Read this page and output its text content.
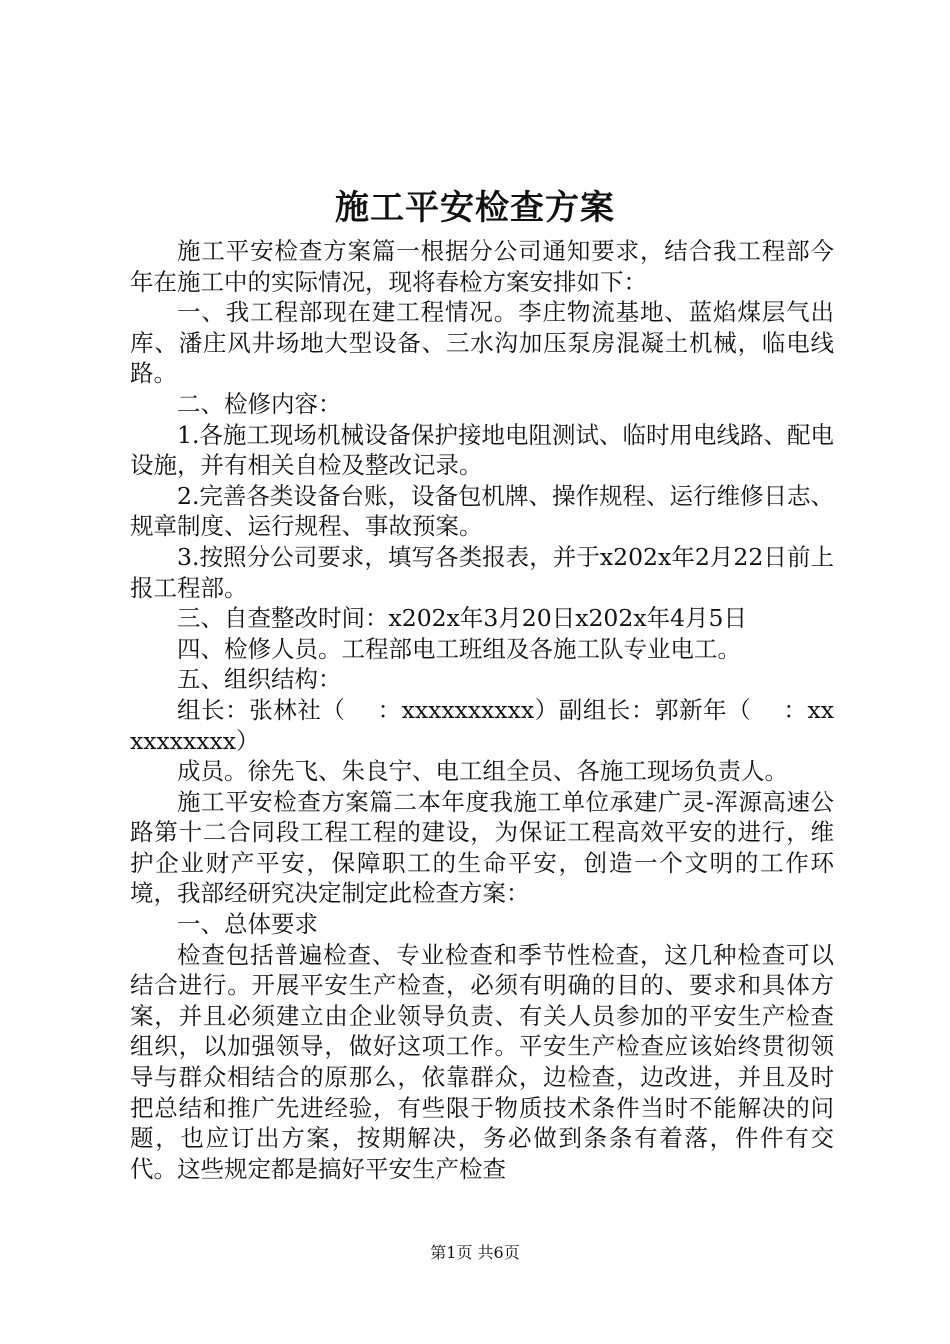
施工平安检查方案

施工平安检查方案篇一根据分公司通知要求，结合我工程部今年在施工中的实际情况，现将春检方案安排如下：

一、我工程部现在建工程情况。李庄物流基地、蓝焰煤层气出库、潘庄风井场地大型设备、三水沟加压泵房混凝土机械，临电线路。

二、检修内容：

1.各施工现场机械设备保护接地电阻测试、临时用电线路、配电设施，并有相关自检及整改记录。

2.完善各类设备台账，设备包机牌、操作规程、运行维修日志、规章制度、运行规程、事故预案。

3.按照分公司要求，填写各类报表，并于x202x年2月22日前上报工程部。

三、自查整改时间：x202x年3月20日x202x年4月5日

四、检修人员。工程部电工班组及各施工队专业电工。

五、组织结构：

组长：张林社（　 ：xxxxxxxxxx）副组长：郭新年（　 ：xxxxxxxxxx）

成员。徐先飞、朱良宁、电工组全员、各施工现场负责人。

施工平安检查方案篇二本年度我施工单位承建广灵-浑源高速公路第十二合同段工程工程的建设，为保证工程高效平安的进行，维护企业财产平安，保障职工的生命平安，创造一个文明的工作环境，我部经研究决定制定此检查方案：

一、总体要求

检查包括普遍检查、专业检查和季节性检查，这几种检查可以结合进行。开展平安生产检查，必须有明确的目的、要求和具体方案，并且必须建立由企业领导负责、有关人员参加的平安生产检查组织，以加强领导，做好这项工作。平安生产检查应该始终贯彻领导与群众相结合的原那么，依靠群众，边检查，边改进，并且及时把总结和推广先进经验，有些限于物质技术条件当时不能解决的问题，也应订出方案，按期解决，务必做到条条有着落，件件有交代。这些规定都是搞好平安生产检查

第1页 共6页
